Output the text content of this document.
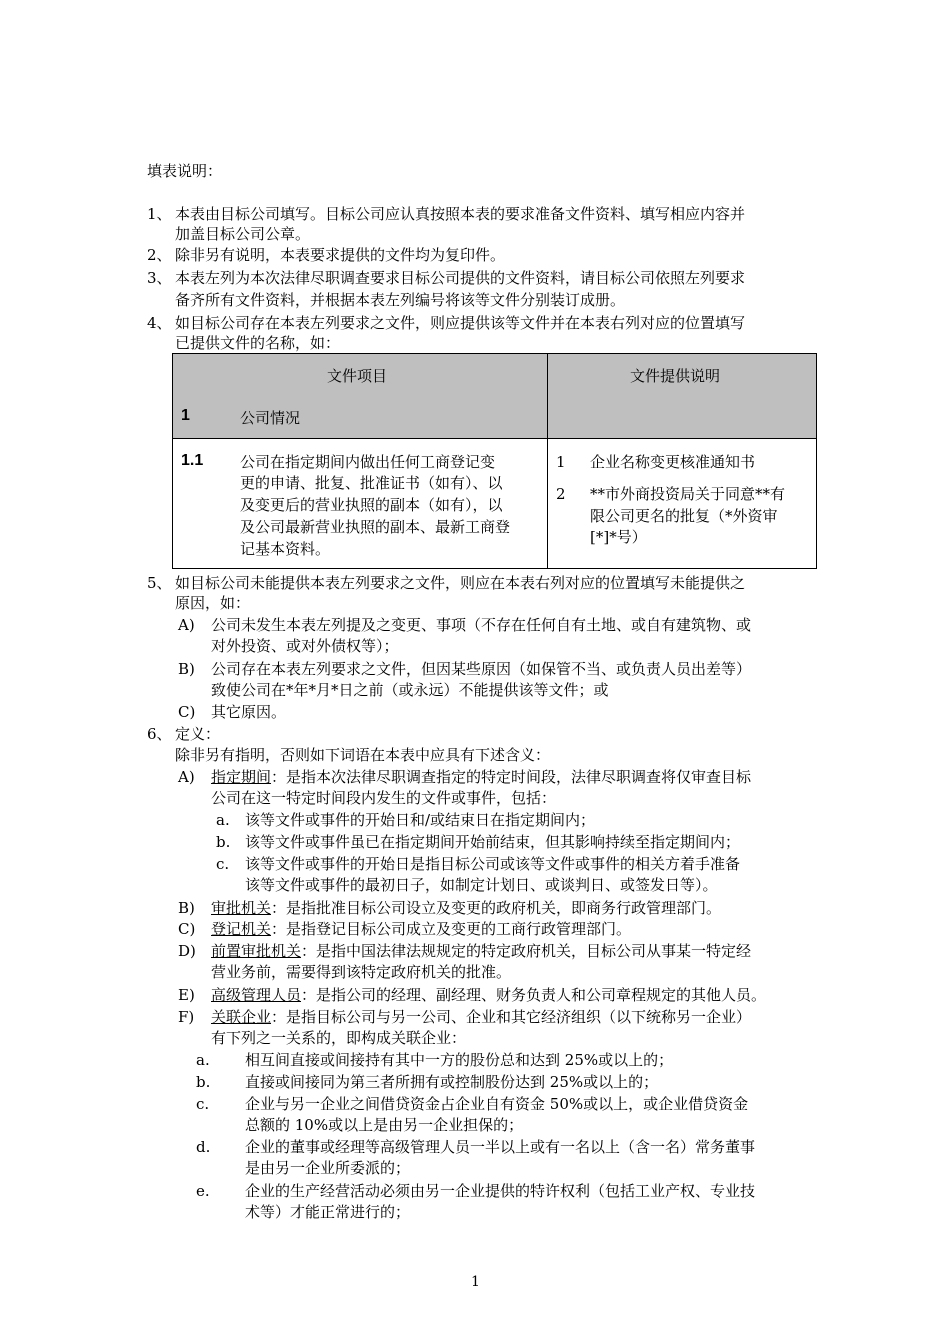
填表说明：
1、 本表由目标公司填写。目标公司应认真按照本表的要求准备文件资料、填写相应内容并
加盖目标公司公章。
2、 除非另有说明，本表要求提供的文件均为复印件。
3、 本表左列为本次法律尽职调查要求目标公司提供的文件资料，请目标公司依照左列要求
备齐所有文件资料，并根据本表左列编号将该等文件分别装订成册。
4、 如目标公司存在本表左列要求之文件，则应提供该等文件并在本表右列对应的位置填写
已提供文件的名称，如：
文件项目	文件提供说明
1	公司情况
1.1 公司在指定期间内做出任何工商登记变
更的申请、批复、批准证书（如有）、以
及变更后的营业执照的副本（如有），以
及公司最新营业执照的副本、最新工商登
记基本资料。
1 企业名称变更核准通知书
2 **市外商投资局关于同意**有
限公司更名的批复（*外资审
[*]*号）
5、 如目标公司未能提供本表左列要求之文件，则应在本表右列对应的位置填写未能提供之
原因，如：
A) 公司未发生本表左列提及之变更、事项（不存在任何自有土地、或自有建筑物、或
对外投资、或对外债权等）；
B) 公司存在本表左列要求之文件，但因某些原因（如保管不当、或负责人员出差等）
致使公司在*年*月*日之前（或永远）不能提供该等文件；或
C) 其它原因。
6、 定义：
除非另有指明，否则如下词语在本表中应具有下述含义：
A) 指定期间：是指本次法律尽职调查指定的特定时间段，法律尽职调查将仅审查目标
公司在这一特定时间段内发生的文件或事件，包括：
a. 该等文件或事件的开始日和/或结束日在指定期间内；
b. 该等文件或事件虽已在指定期间开始前结束，但其影响持续至指定期间内；
c. 该等文件或事件的开始日是指目标公司或该等文件或事件的相关方着手准备
该等文件或事件的最初日子，如制定计划日、或谈判日、或签发日等）。
B) 审批机关：是指批准目标公司设立及变更的政府机关，即商务行政管理部门。
C) 登记机关：是指登记目标公司成立及变更的工商行政管理部门。
D) 前置审批机关：是指中国法律法规规定的特定政府机关，目标公司从事某一特定经
营业务前，需要得到该特定政府机关的批准。
E) 高级管理人员：是指公司的经理、副经理、财务负责人和公司章程规定的其他人员。
F) 关联企业：是指目标公司与另一公司、企业和其它经济组织（以下统称另一企业）
有下列之一关系的，即构成关联企业：
a. 相互间直接或间接持有其中一方的股份总和达到 25%或以上的；
b. 直接或间接同为第三者所拥有或控制股份达到 25%或以上的；
c. 企业与另一企业之间借贷资金占企业自有资金 50%或以上，或企业借贷资金
总额的 10%或以上是由另一企业担保的；
d. 企业的董事或经理等高级管理人员一半以上或有一名以上（含一名）常务董事
是由另一企业所委派的；
e. 企业的生产经营活动必须由另一企业提供的特许权利（包括工业产权、专业技
术等）才能正常进行的；
1
